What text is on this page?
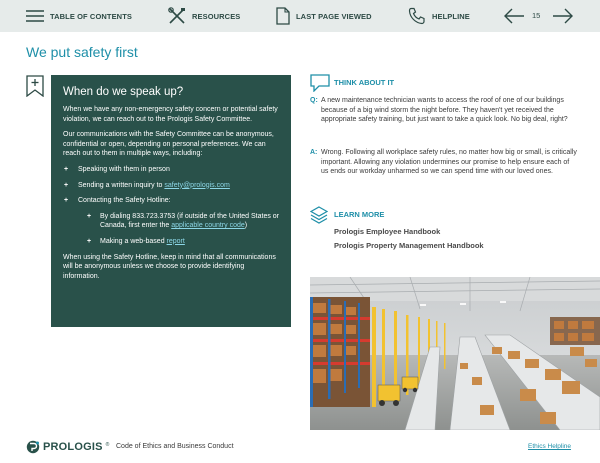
TABLE OF CONTENTS	RESOURCES	LAST PAGE VIEWED	HELPLINE	15
We put safety first
When do we speak up?

When we have any non-emergency safety concern or potential safety violation, we can reach out to the Prologis Safety Committee.

Our communications with the Safety Committee can be anonymous, confidential or open, depending on personal preferences. We can reach out to them in multiple ways, including:

+ Speaking with them in person
+ Sending a written inquiry to safety@prologis.com
+ Contacting the Safety Hotline:
+ By dialing 833.723.3753 (if outside of the United States or Canada, first enter the applicable country code)
+ Making a web-based report

When using the Safety Hotline, keep in mind that all communications will be anonymous unless we choose to provide identifying information.

THINK ABOUT IT
Q: A new maintenance technician wants to access the roof of one of our buildings because of a big wind storm the night before. They haven't yet received the appropriate safety training, but just want to take a quick look. No big deal, right?
A: Wrong. Following all workplace safety rules, no matter how big or small, is critically important. Allowing any violation undermines our promise to help ensure each of us ends our workday unharmed so we can spend time with our loved ones.
LEARN MORE
Prologis Employee Handbook
Prologis Property Management Handbook
PROLOGIS ® Code of Ethics and Business Conduct	Ethics Helpline
